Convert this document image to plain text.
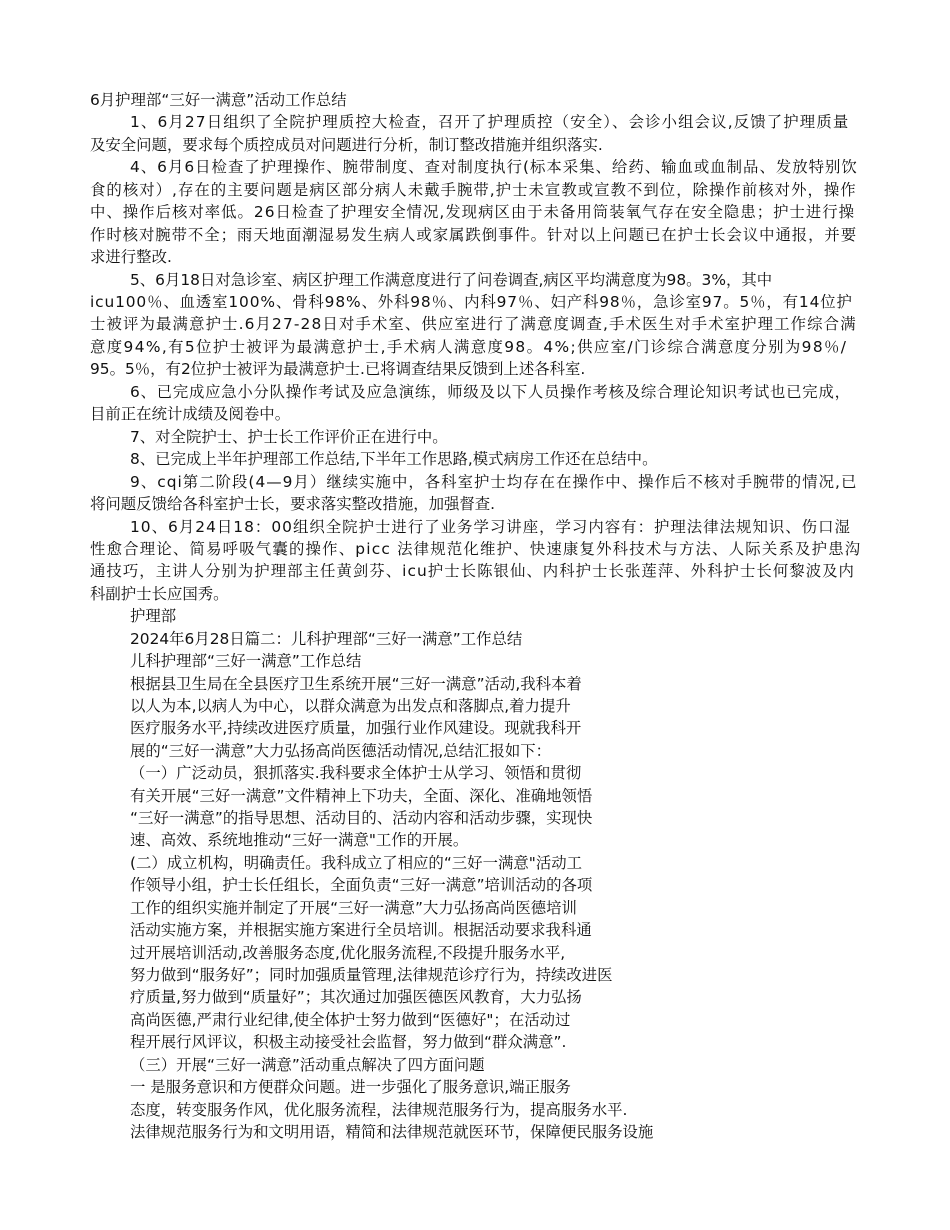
6月护理部“三好一满意”活动工作总结

1、6月27日组织了全院护理质控大检查，召开了护理质控（安全）、会诊小组会议,反馈了护理质量

及安全问题，要求每个质控成员对问题进行分析，制订整改措施并组织落实.

4、6月6日检查了护理操作、腕带制度、查对制度执行(标本采集、给药、输血或血制品、发放特别饮

食的核对）,存在的主要问题是病区部分病人未戴手腕带,护士未宣教或宣教不到位，除操作前核对外，操作

中、操作后核对率低。26日检查了护理安全情况,发现病区由于未备用筒装氧气存在安全隐患；护士进行操

作时核对腕带不全；雨天地面潮湿易发生病人或家属跌倒事件。针对以上问题已在护士长会议中通报，并要

求进行整改.

5、6月18日对急诊室、病区护理工作满意度进行了问卷调查,病区平均满意度为98。3%，其中

icu100％、血透室100%、骨科98%、外科98％、内科97％、妇产科98％，急诊室97。5％，有14位护

士被评为最满意护士.6月27-28日对手术室、供应室进行了满意度调查,手术医生对手术室护理工作综合满

意度94%,有5位护士被评为最满意护士,手术病人满意度98。4%;供应室/门诊综合满意度分别为98％/

95。5％，有2位护士被评为最满意护士.已将调查结果反馈到上述各科室.

6、已完成应急小分队操作考试及应急演练，师级及以下人员操作考核及综合理论知识考试也已完成，

目前正在统计成绩及阅卷中。

7、对全院护士、护士长工作评价正在进行中。

8、已完成上半年护理部工作总结,下半年工作思路,模式病房工作还在总结中。

9、cqi第二阶段(4—9月）继续实施中，各科室护士均存在在操作中、操作后不核对手腕带的情况,已

将问题反馈给各科室护士长，要求落实整改措施，加强督查.

10、6月24日18：00组织全院护士进行了业务学习讲座，学习内容有：护理法律法规知识、伤口湿

性愈合理论、简易呼吸气囊的操作、picc 法律规范化维护、快速康复外科技术与方法、人际关系及护患沟

通技巧，主讲人分别为护理部主任黄剑芬、icu护士长陈银仙、内科护士长张莲萍、外科护士长何黎波及内

科副护士长应国秀。

护理部

2024年6月28日篇二：儿科护理部“三好一满意”工作总结

儿科护理部“三好一满意”工作总结

根据县卫生局在全县医疗卫生系统开展“三好一满意”活动,我科本着

以人为本,以病人为中心，以群众满意为出发点和落脚点,着力提升

医疗服务水平,持续改进医疗质量，加强行业作风建设。现就我科开

展的“三好一满意”大力弘扬高尚医德活动情况,总结汇报如下：

（一）广泛动员，狠抓落实.我科要求全体护士从学习、领悟和贯彻

有关开展“三好一满意”文件精神上下功夫，全面、深化、准确地领悟

“三好一满意”的指导思想、活动目的、活动内容和活动步骤，实现快

速、高效、系统地推动“三好一满意"工作的开展。

(二）成立机构，明确责任。我科成立了相应的“三好一满意"活动工

作领导小组，护士长任组长，全面负责“三好一满意”培训活动的各项

工作的组织实施并制定了开展“三好一满意”大力弘扬高尚医德培训

活动实施方案，并根据实施方案进行全员培训。根据活动要求我科通

过开展培训活动,改善服务态度,优化服务流程,不段提升服务水平,

努力做到“服务好”；同时加强质量管理,法律规范诊疗行为，持续改进医

疗质量,努力做到“质量好”；其次通过加强医德医风教育，大力弘扬

高尚医德,严肃行业纪律,使全体护士努力做到“医德好"；在活动过

程开展行风评议，积极主动接受社会监督，努力做到“群众满意”.

（三）开展“三好一满意”活动重点解决了四方面问题

一 是服务意识和方便群众问题。进一步强化了服务意识,端正服务

态度，转变服务作风，优化服务流程，法律规范服务行为，提高服务水平.

法律规范服务行为和文明用语，精简和法律规范就医环节，保障便民服务设施
